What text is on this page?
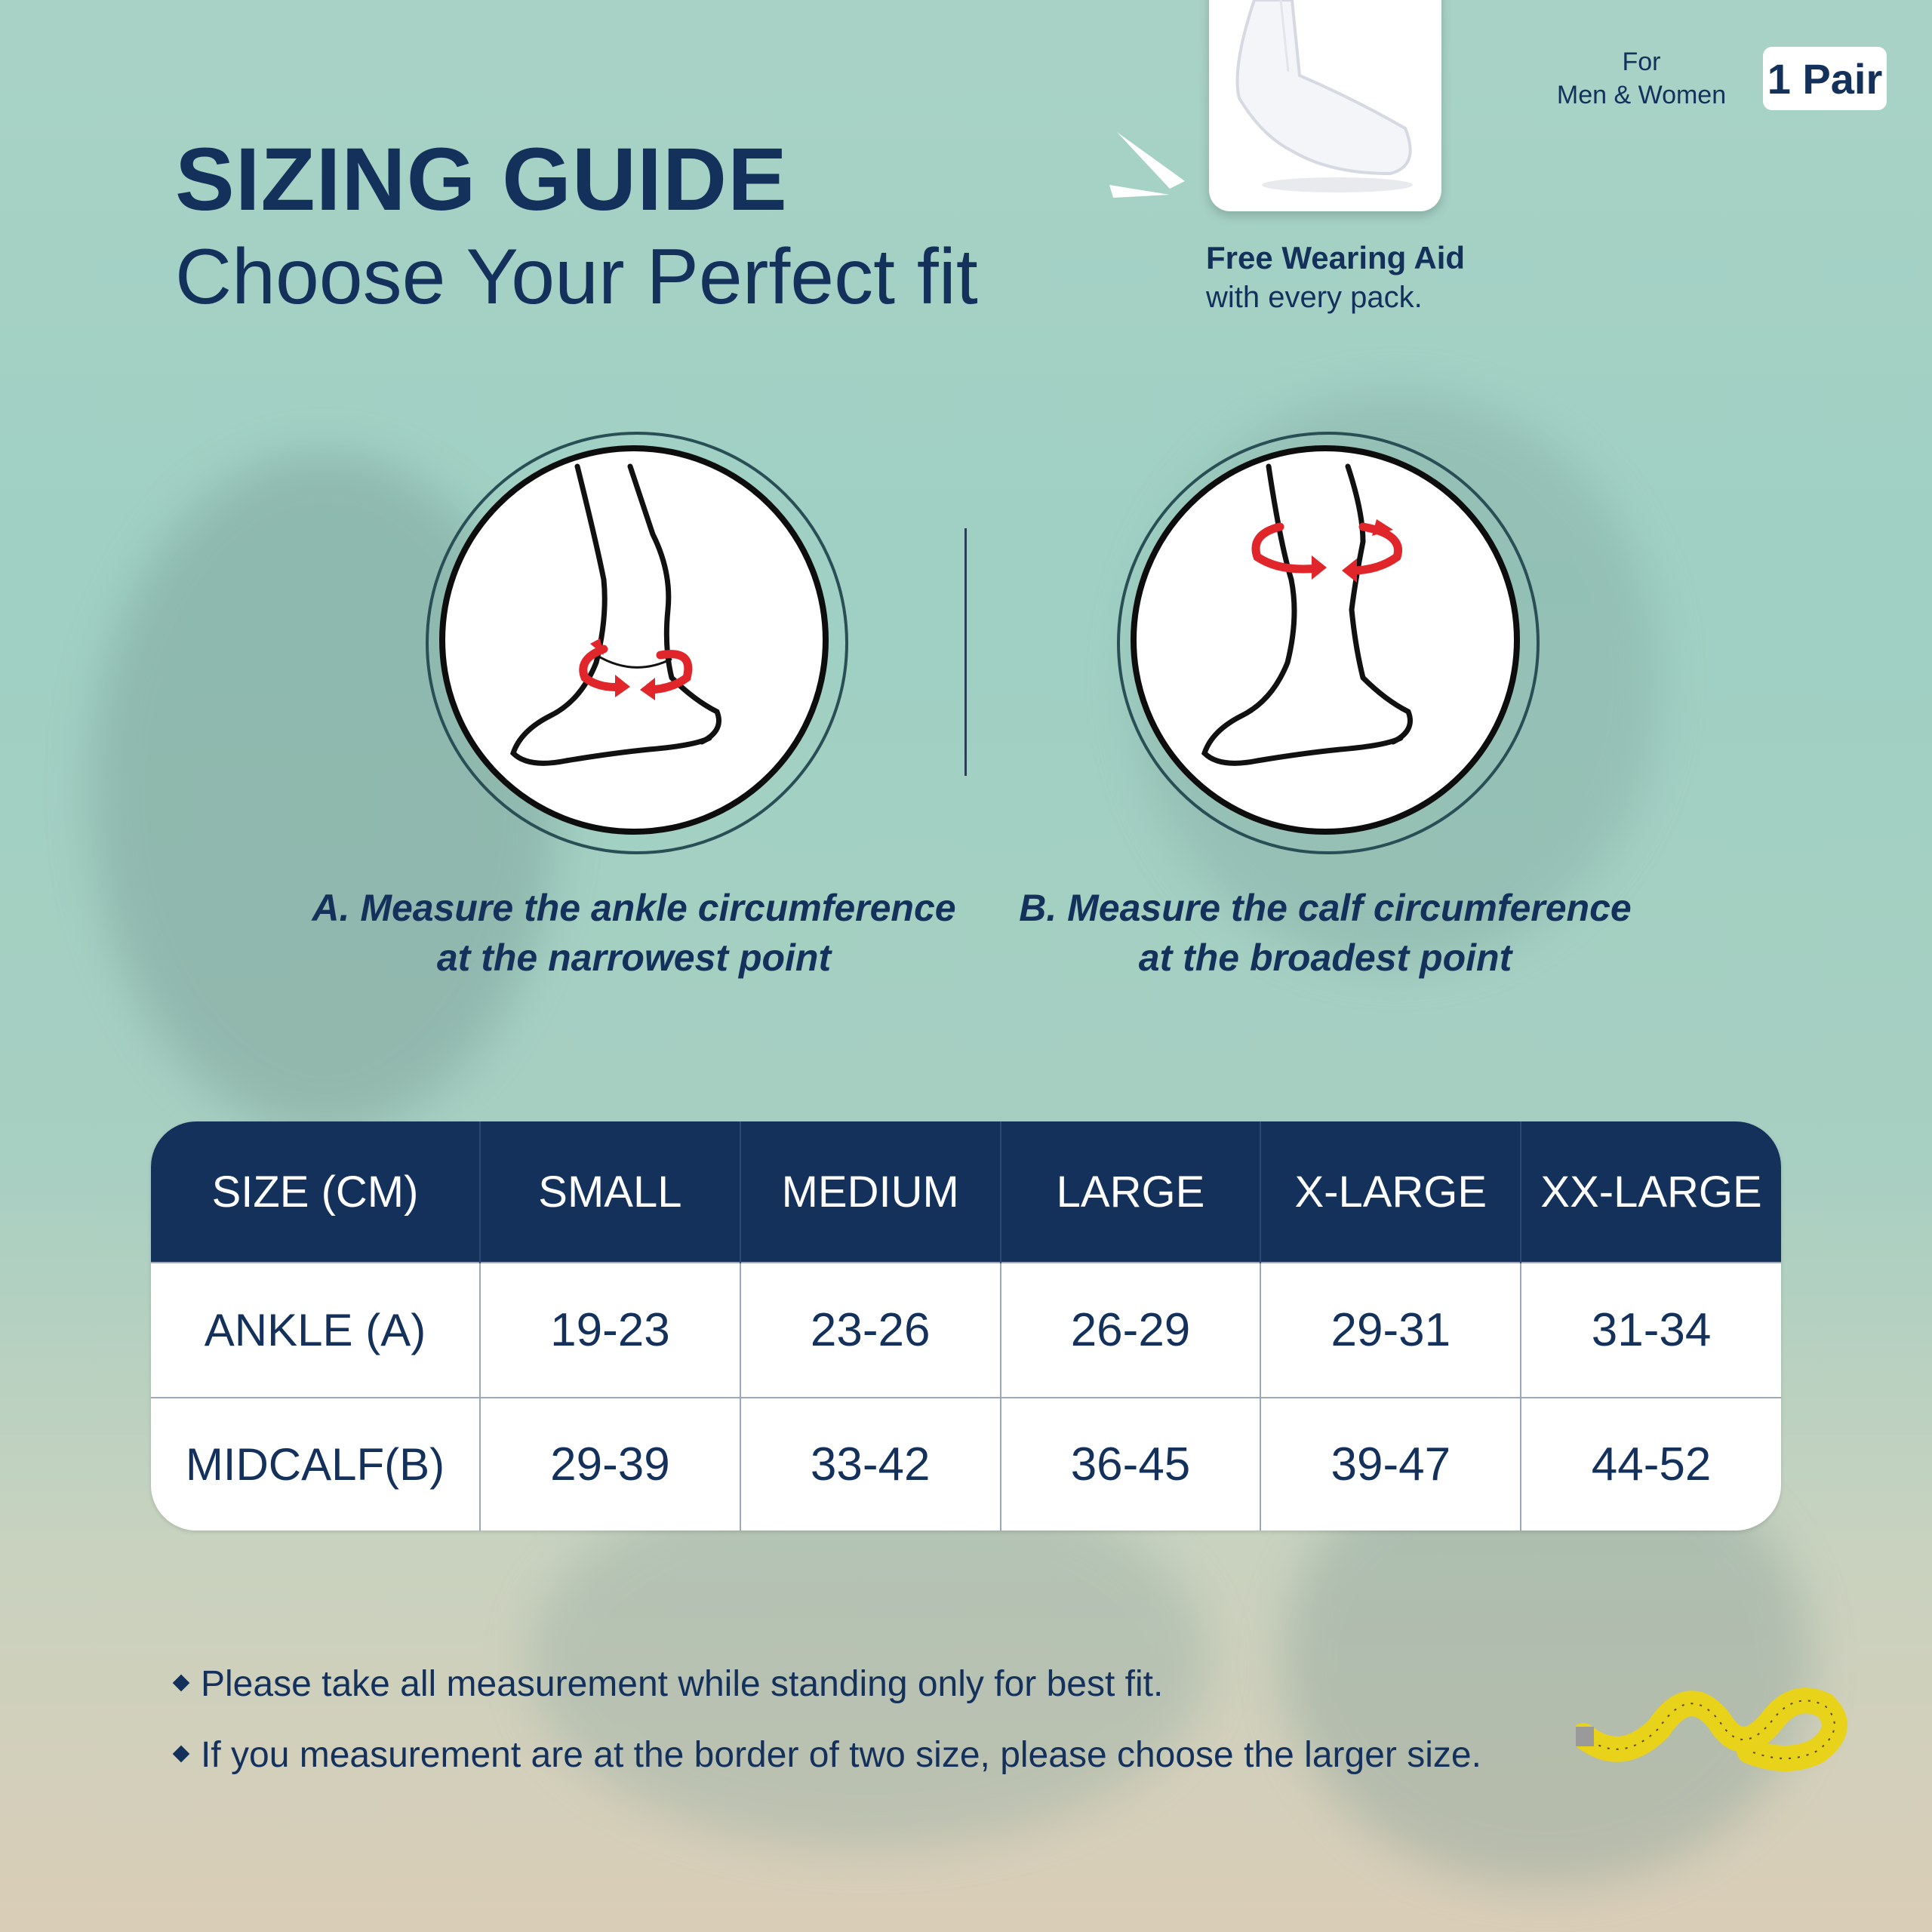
SIZING GUIDE
Choose Your Perfect fit	Free Wearing Aid
with every pack.
For
Men & Women 1 Pair
A. Measure the ankle circumference
at the narrowest point
B. Measure the calf circumference
at the broadest point
SIZE (CM)	SMALL	MEDIUM	LARGE	X-LARGE	XX-LARGE
ANKLE (A)	19-23	23-26	26-29	29-31	31-34
MIDCALF(B)	29-39	33-42	36-45	39-47	44-52
Please take all measurement while standing only for best fit.
If you measurement are at the border of two size, please choose the larger size.
